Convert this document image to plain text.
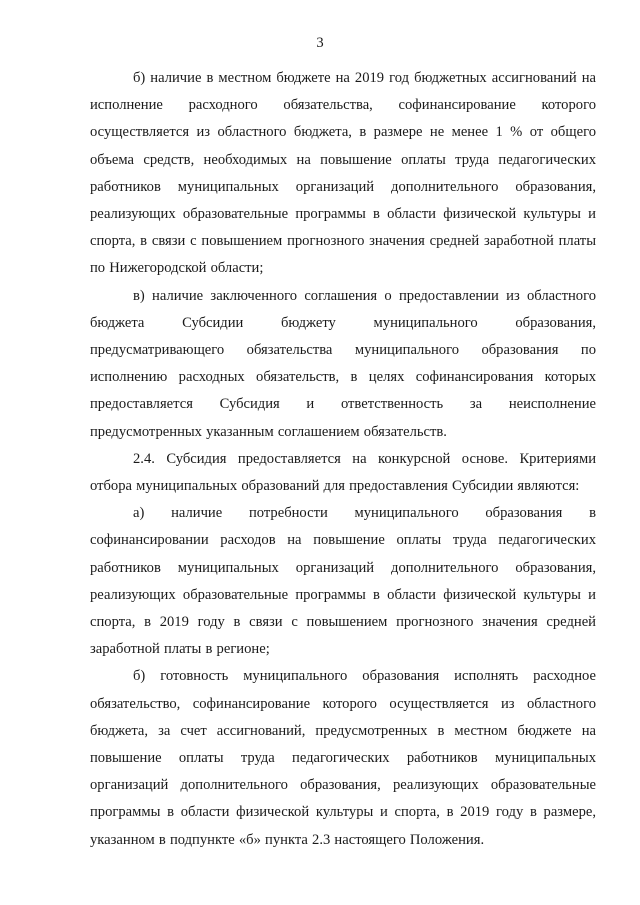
3

б) наличие в местном бюджете на 2019 год бюджетных ассигнований на исполнение расходного обязательства, софинансирование которого осуществляется из областного бюджета, в размере не менее 1 % от общего объема средств, необходимых на повышение оплаты труда педагогических работников муниципальных организаций дополнительного образования, реализующих образовательные программы в области физической культуры и спорта, в связи с повышением прогнозного значения средней заработной платы по Нижегородской области;

в) наличие заключенного соглашения о предоставлении из областного бюджета Субсидии бюджету муниципального образования, предусматривающего обязательства муниципального образования по исполнению расходных обязательств, в целях софинансирования которых предоставляется Субсидия и ответственность за неисполнение предусмотренных указанным соглашением обязательств.

2.4. Субсидия предоставляется на конкурсной основе. Критериями отбора муниципальных образований для предоставления Субсидии являются:

а) наличие потребности муниципального образования в софинансировании расходов на повышение оплаты труда педагогических работников муниципальных организаций дополнительного образования, реализующих образовательные программы в области физической культуры и спорта, в 2019 году в связи с повышением прогнозного значения средней заработной платы в регионе;

б) готовность муниципального образования исполнять расходное обязательство, софинансирование которого осуществляется из областного бюджета, за счет ассигнований, предусмотренных в местном бюджете на повышение оплаты труда педагогических работников муниципальных организаций дополнительного образования, реализующих образовательные программы в области физической культуры и спорта, в 2019 году в размере, указанном в подпункте «б» пункта 2.3 настоящего Положения.
